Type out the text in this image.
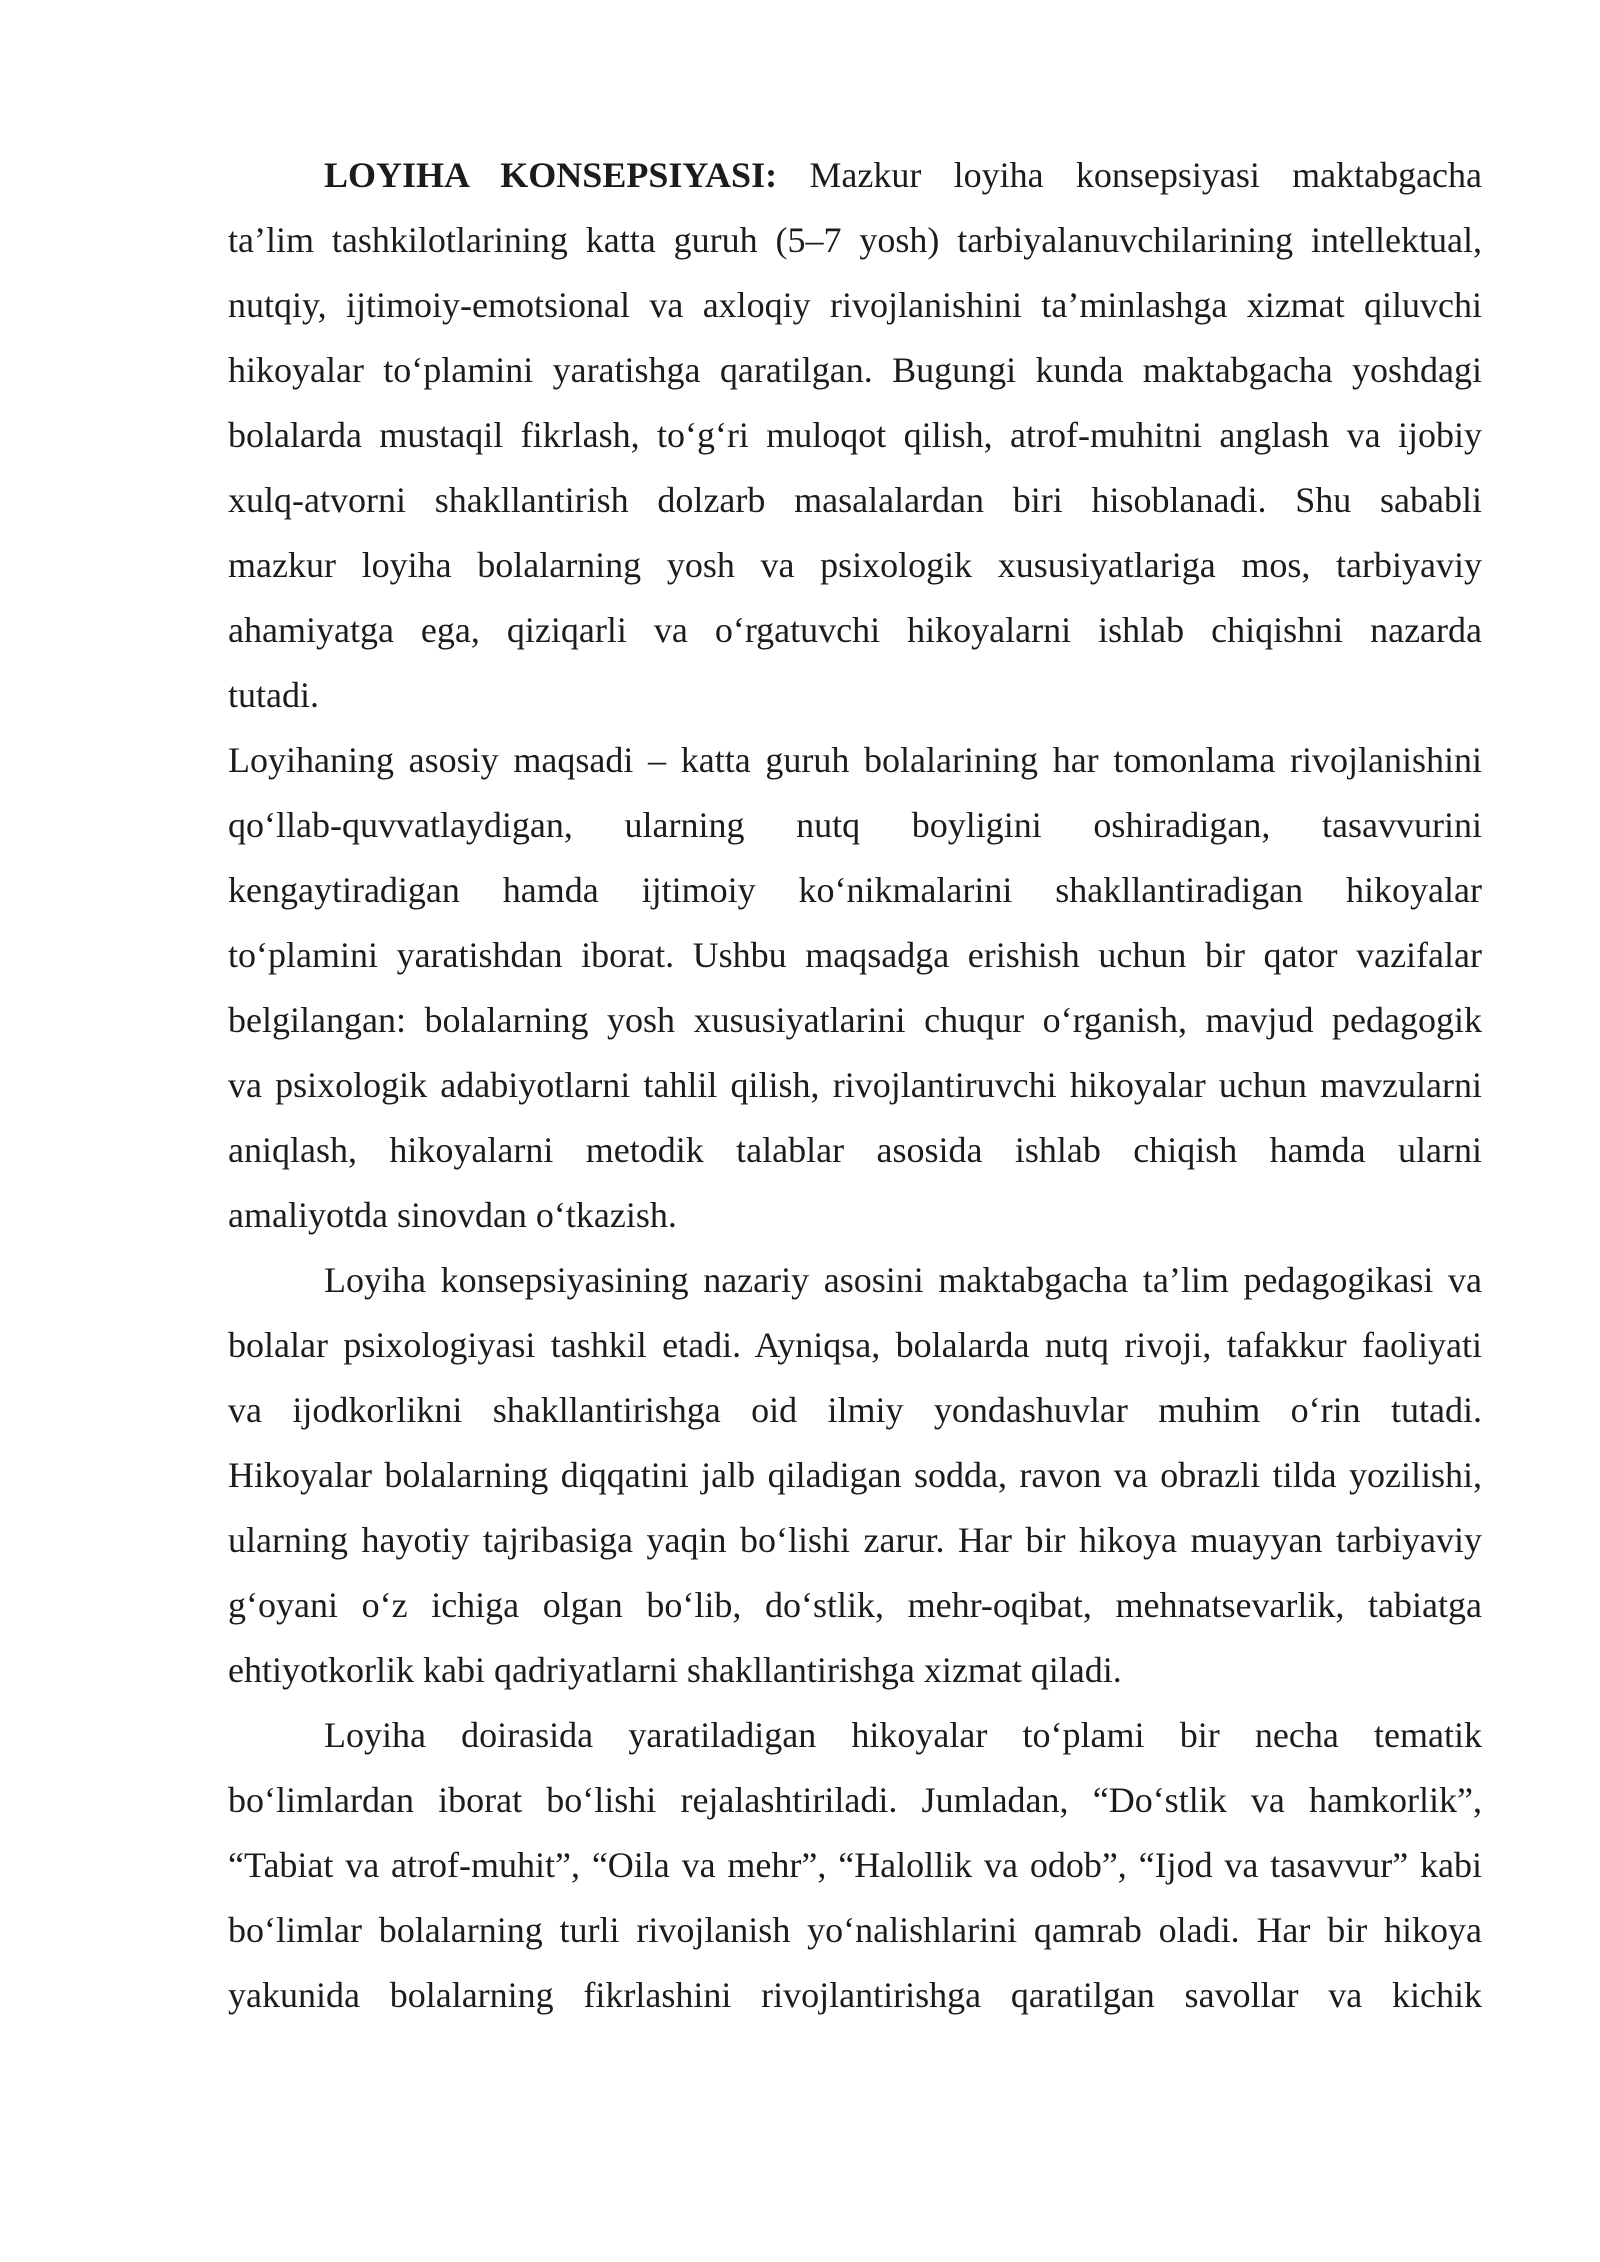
LOYIHA KONSEPSIYASI: Mazkur loyiha konsepsiyasi maktabgacha
ta’lim tashkilotlarining katta guruh (5–7 yosh) tarbiyalanuvchilarining intellektual,
nutqiy, ijtimoiy-emotsional va axloqiy rivojlanishini ta’minlashga xizmat qiluvchi
hikoyalar to‘plamini yaratishga qaratilgan. Bugungi kunda maktabgacha yoshdagi
bolalarda mustaqil fikrlash, to‘g‘ri muloqot qilish, atrof-muhitni anglash va ijobiy
xulq-atvorni shakllantirish dolzarb masalalardan biri hisoblanadi. Shu sababli
mazkur loyiha bolalarning yosh va psixologik xususiyatlariga mos, tarbiyaviy
ahamiyatga ega, qiziqarli va o‘rgatuvchi hikoyalarni ishlab chiqishni nazarda
tutadi.
Loyihaning asosiy maqsadi – katta guruh bolalarining har tomonlama rivojlanishini
qo‘llab-quvvatlaydigan, ularning nutq boyligini oshiradigan, tasavvurini
kengaytiradigan hamda ijtimoiy ko‘nikmalarini shakllantiradigan hikoyalar
to‘plamini yaratishdan iborat. Ushbu maqsadga erishish uchun bir qator vazifalar
belgilangan: bolalarning yosh xususiyatlarini chuqur o‘rganish, mavjud pedagogik
va psixologik adabiyotlarni tahlil qilish, rivojlantiruvchi hikoyalar uchun mavzularni
aniqlash, hikoyalarni metodik talablar asosida ishlab chiqish hamda ularni
amaliyotda sinovdan o‘tkazish.
Loyiha konsepsiyasining nazariy asosini maktabgacha ta’lim pedagogikasi va
bolalar psixologiyasi tashkil etadi. Ayniqsa, bolalarda nutq rivoji, tafakkur faoliyati
va ijodkorlikni shakllantirishga oid ilmiy yondashuvlar muhim o‘rin tutadi.
Hikoyalar bolalarning diqqatini jalb qiladigan sodda, ravon va obrazli tilda yozilishi,
ularning hayotiy tajribasiga yaqin bo‘lishi zarur. Har bir hikoya muayyan tarbiyaviy
g‘oyani o‘z ichiga olgan bo‘lib, do‘stlik, mehr-oqibat, mehnatsevarlik, tabiatga
ehtiyotkorlik kabi qadriyatlarni shakllantirishga xizmat qiladi.
Loyiha doirasida yaratiladigan hikoyalar to‘plami bir necha tematik
bo‘limlardan iborat bo‘lishi rejalashtiriladi. Jumladan, “Do‘stlik va hamkorlik”,
“Tabiat va atrof-muhit”, “Oila va mehr”, “Halollik va odob”, “Ijod va tasavvur” kabi
bo‘limlar bolalarning turli rivojlanish yo‘nalishlarini qamrab oladi. Har bir hikoya
yakunida bolalarning fikrlashini rivojlantirishga qaratilgan savollar va kichik
